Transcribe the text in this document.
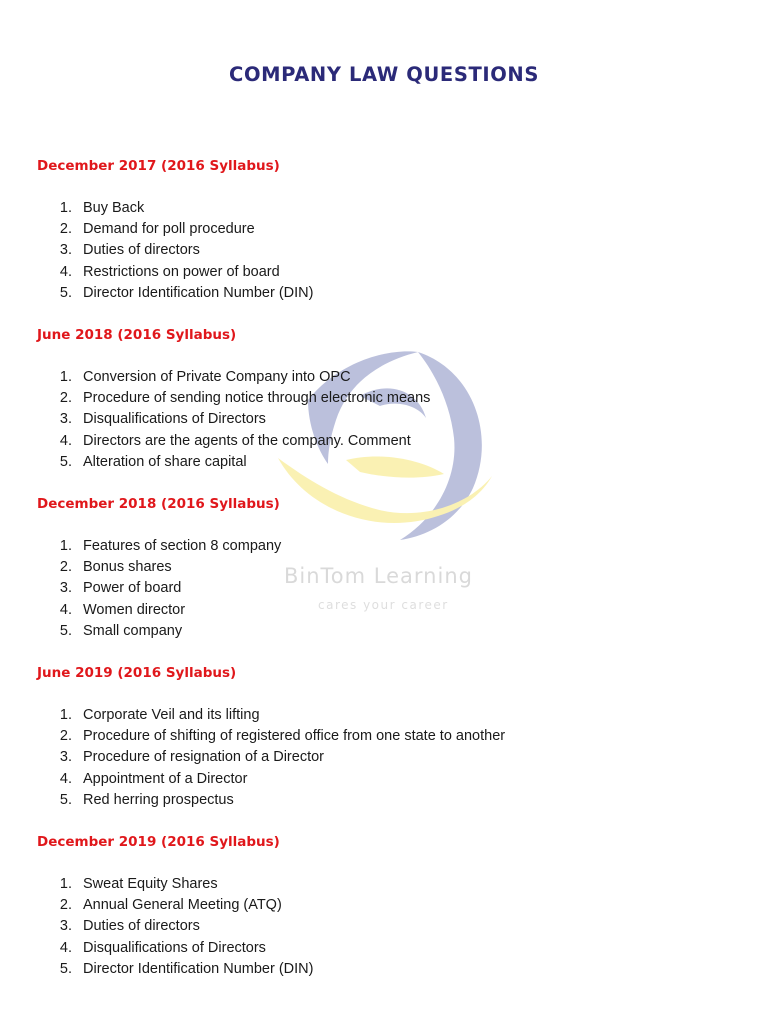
BinTom Learning
cares your career
COMPANY LAW QUESTIONS
December 2017 (2016 Syllabus)
1. Buy Back
2. Demand for poll procedure
3. Duties of directors
4. Restrictions on power of board
5. Director Identification Number (DIN)
June 2018 (2016 Syllabus)
1. Conversion of Private Company into OPC
2. Procedure of sending notice through electronic means
3. Disqualifications of Directors
4. Directors are the agents of the company. Comment
5. Alteration of share capital
December 2018 (2016 Syllabus)
1. Features of section 8 company
2. Bonus shares
3. Power of board
4. Women director
5. Small company
June 2019 (2016 Syllabus)
1. Corporate Veil and its lifting
2. Procedure of shifting of registered office from one state to another
3. Procedure of resignation of a Director
4. Appointment of a Director
5. Red herring prospectus
December 2019 (2016 Syllabus)
1. Sweat Equity Shares
2. Annual General Meeting (ATQ)
3. Duties of directors
4. Disqualifications of Directors
5. Director Identification Number (DIN)
